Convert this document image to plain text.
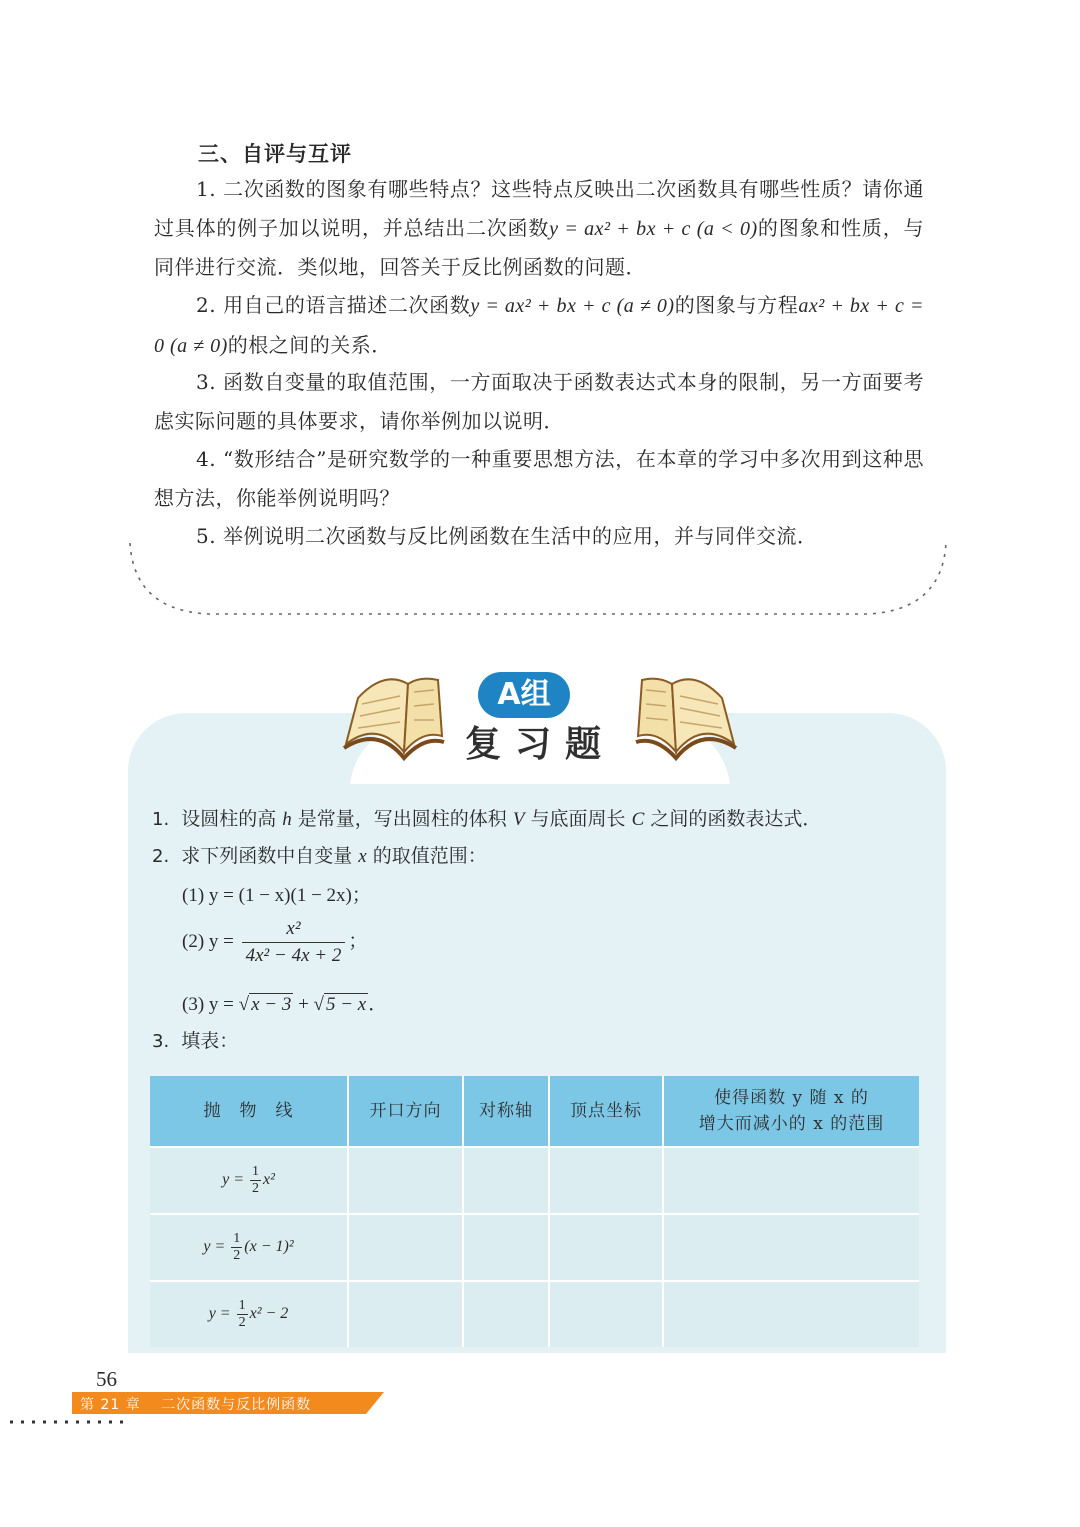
三、自评与互评
1. 二次函数的图象有哪些特点？这些特点反映出二次函数具有哪些性质？请你通过具体的例子加以说明，并总结出二次函数y = ax² + bx + c (a < 0)的图象和性质，与同伴进行交流．类似地，回答关于反比例函数的问题．
2. 用自己的语言描述二次函数y = ax² + bx + c (a ≠ 0)的图象与方程ax² + bx + c = 0 (a ≠ 0)的根之间的关系．
3. 函数自变量的取值范围，一方面取决于函数表达式本身的限制，另一方面要考虑实际问题的具体要求，请你举例加以说明．
4. “数形结合”是研究数学的一种重要思想方法，在本章的学习中多次用到这种思想方法，你能举例说明吗？
5. 举例说明二次函数与反比例函数在生活中的应用，并与同伴交流．
A组
复习题
1. 设圆柱的高 h 是常量，写出圆柱的体积 V 与底面周长 C 之间的函数表达式．
2. 求下列函数中自变量 x 的取值范围：
(1) y = (1 − x)(1 − 2x)；
(2) $y = \frac{\text{x²}}{\text{4x² − 4x + 2}}$ ；
(3) y = √ x − 3 + √ 5 − x ．
3. 填表：
抛　物　线	开口方向	对称轴	顶点坐标	使得函数 y 随 x 的
增大而减小的 x 的范围

$y = \frac{1}{2} x^2$				
$y = \frac{1}{2} (x - 1)^2$				
$y = \frac{1}{2} x^2 - 2$				
56
第 21 章　 二次函数与反比例函数
